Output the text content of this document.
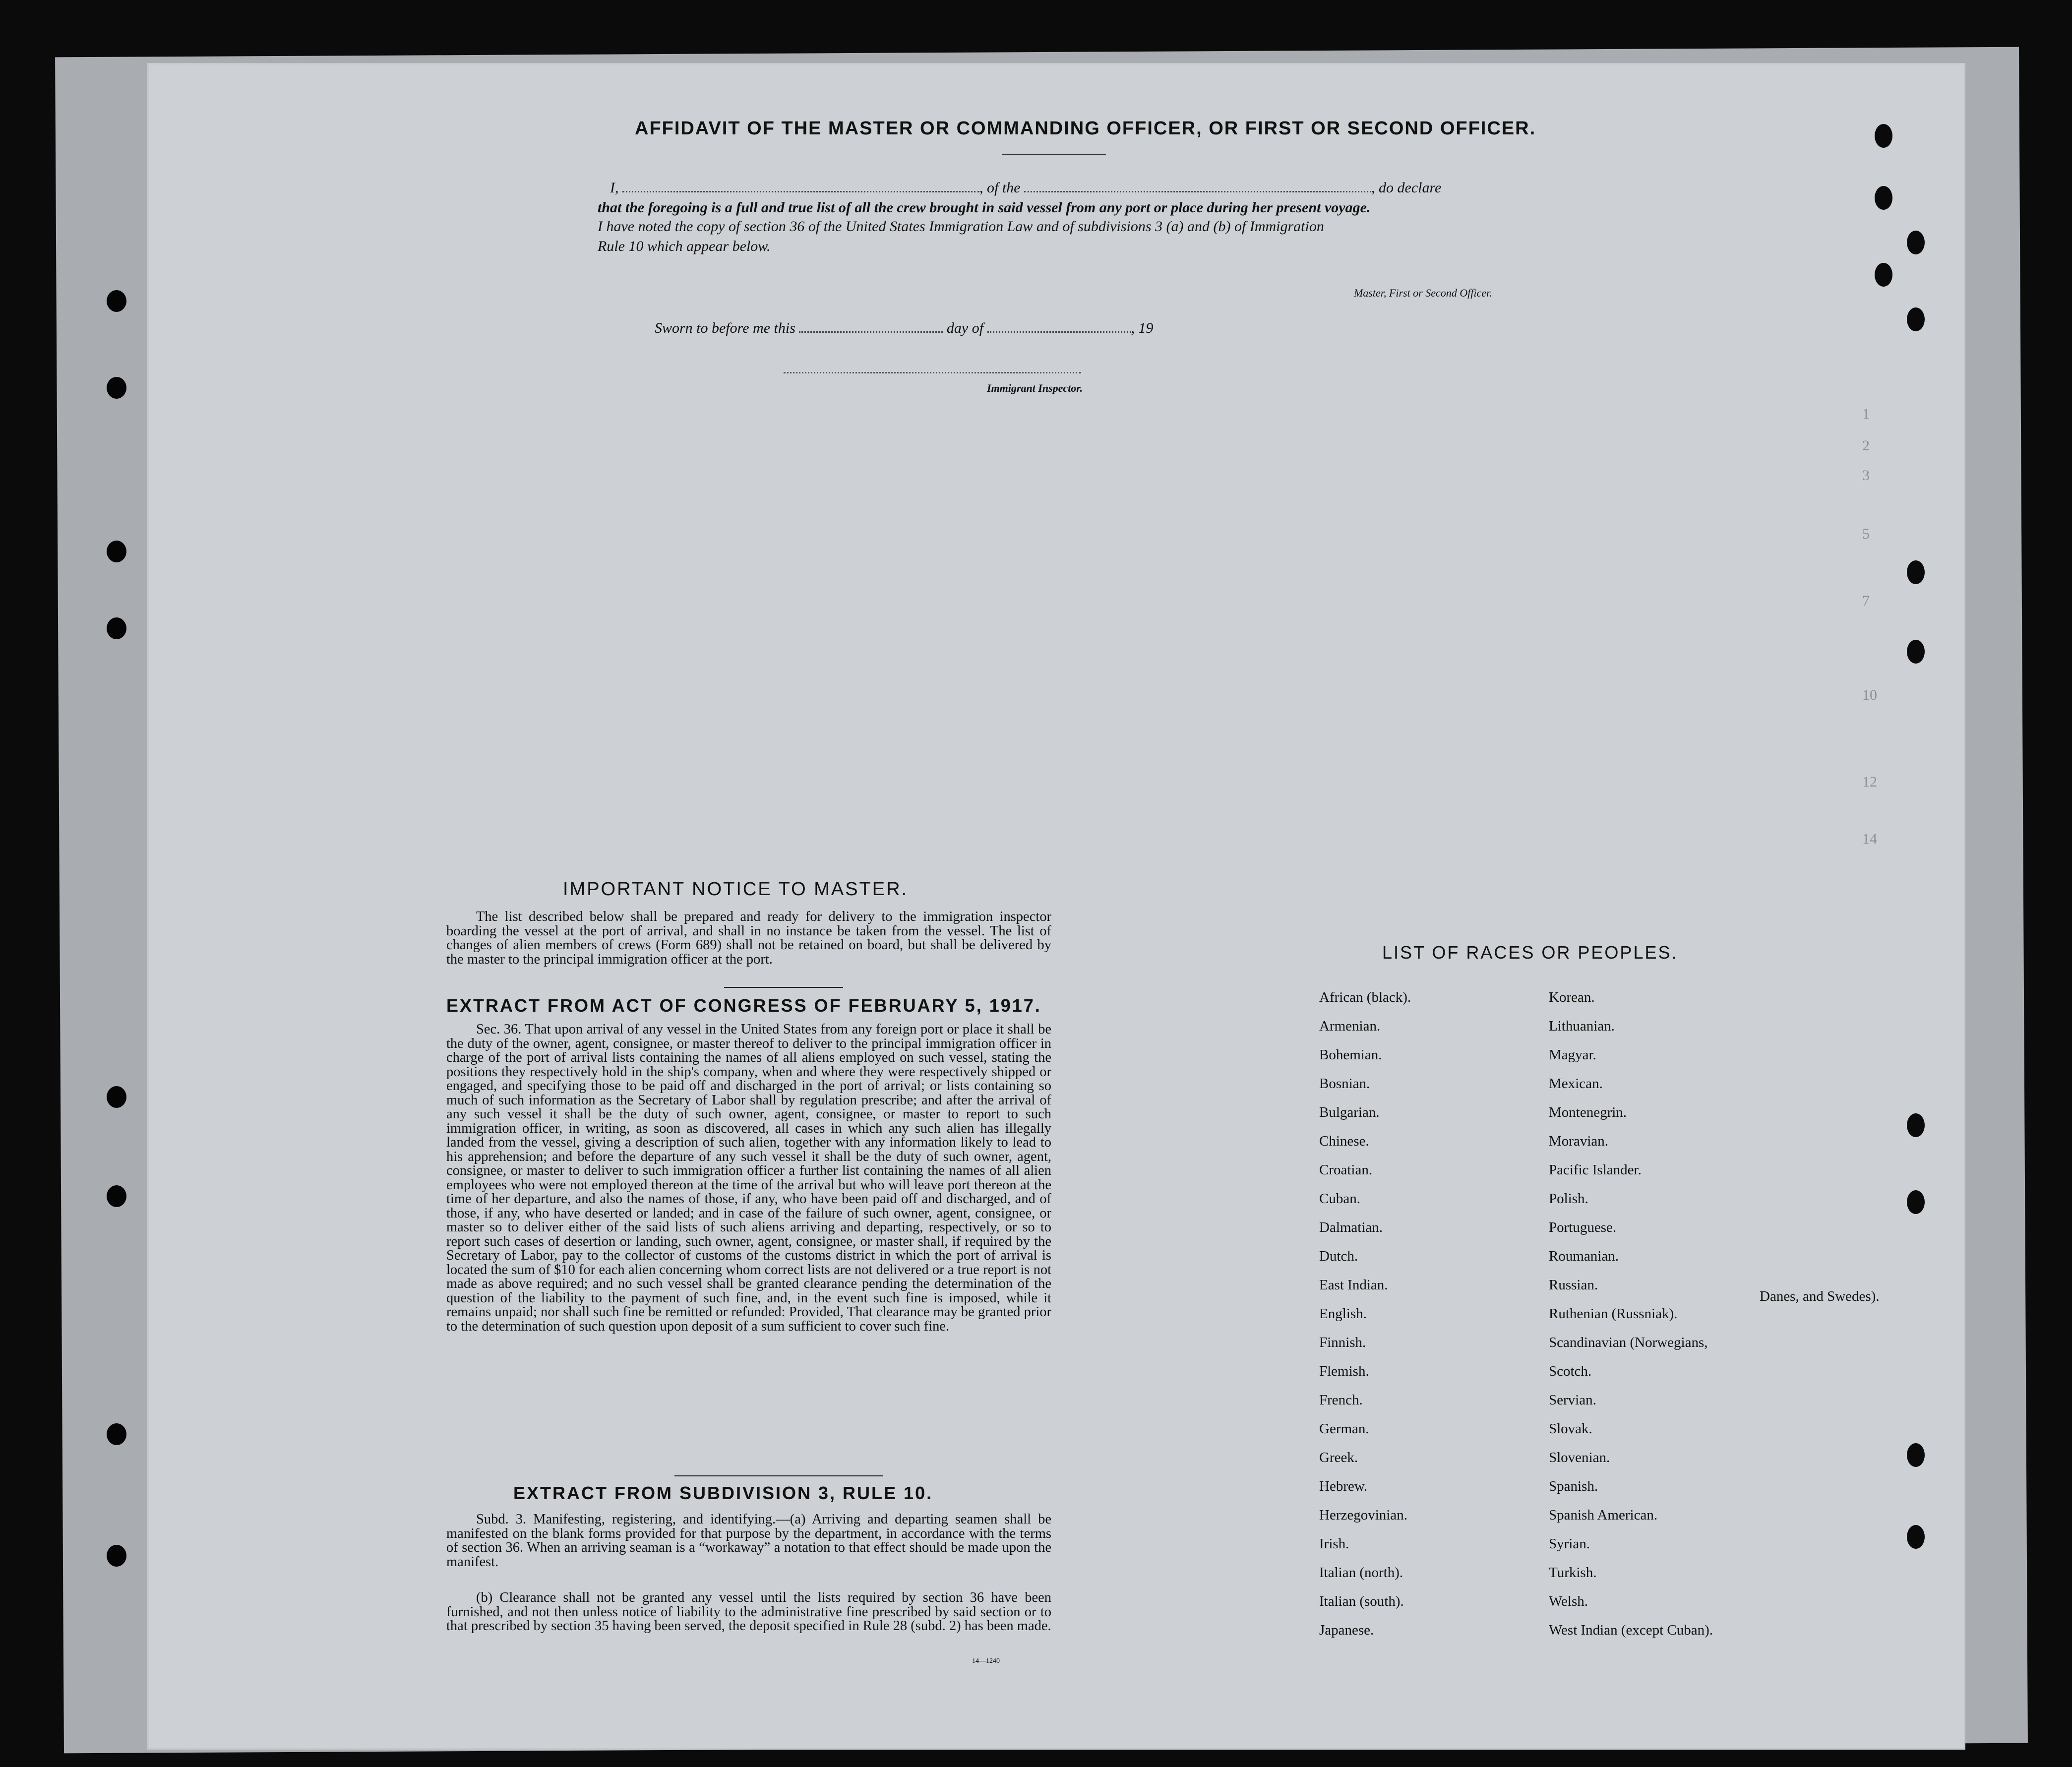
1
2
3
5
7
10
12
14
AFFIDAVIT OF THE MASTER OR COMMANDING OFFICER, OR FIRST OR SECOND OFFICER.
I,	, of the	, do declare
that the foregoing is a full and true list of all the crew brought in said vessel from any port or place during her present voyage.
I have noted the copy of section 36 of the United States Immigration Law and of subdivisions 3 (a) and (b) of Immigration
Rule 10 which appear below.
Master, First or Second Officer.
Sworn to before me this	day of	, 19
Immigrant Inspector.
IMPORTANT NOTICE TO MASTER.
The list described below shall be prepared and ready for delivery to the immigration inspector boarding the vessel at the port of arrival, and shall in no instance be taken from the vessel. The list of changes of alien members of crews (Form 689) shall not be retained on board, but shall be delivered by the master to the principal immigration officer at the port.
EXTRACT FROM ACT OF CONGRESS OF FEBRUARY 5, 1917.
Sec. 36. That upon arrival of any vessel in the United States from any foreign port or place it shall be the duty of the owner, agent, consignee, or master thereof to deliver to the principal immigration officer in charge of the port of arrival lists containing the names of all aliens employed on such vessel, stating the positions they respectively hold in the ship's company, when and where they were respectively shipped or engaged, and specifying those to be paid off and discharged in the port of arrival; or lists containing so much of such information as the Secretary of Labor shall by regulation prescribe; and after the arrival of any such vessel it shall be the duty of such owner, agent, consignee, or master to report to such immigration officer, in writing, as soon as discovered, all cases in which any such alien has illegally landed from the vessel, giving a description of such alien, together with any information likely to lead to his apprehension; and before the departure of any such vessel it shall be the duty of such owner, agent, consignee, or master to deliver to such immigration officer a further list containing the names of all alien employees who were not employed thereon at the time of the arrival but who will leave port thereon at the time of her departure, and also the names of those, if any, who have been paid off and discharged, and of those, if any, who have deserted or landed; and in case of the failure of such owner, agent, consignee, or master so to deliver either of the said lists of such aliens arriving and departing, respectively, or so to report such cases of desertion or landing, such owner, agent, consignee, or master shall, if required by the Secretary of Labor, pay to the collector of customs of the customs district in which the port of arrival is located the sum of $10 for each alien concerning whom correct lists are not delivered or a true report is not made as above required; and no such vessel shall be granted clearance pending the determination of the question of the liability to the payment of such fine, and, in the event such fine is imposed, while it remains unpaid; nor shall such fine be remitted or refunded: Provided, That clearance may be granted prior to the determination of such question upon deposit of a sum sufficient to cover such fine.
EXTRACT FROM SUBDIVISION 3, RULE 10.
Subd. 3. Manifesting, registering, and identifying.—(a) Arriving and departing seamen shall be manifested on the blank forms provided for that purpose by the department, in accordance with the terms of section 36. When an arriving seaman is a “workaway” a notation to that effect should be made upon the manifest.
(b) Clearance shall not be granted any vessel until the lists required by section 36 have been furnished, and not then unless notice of liability to the administrative fine prescribed by said section or to that prescribed by section 35 having been served, the deposit specified in Rule 28 (subd. 2) has been made.
14—1240
LIST OF RACES OR PEOPLES.
Danes, and Swedes).
African (black).
Armenian.
Bohemian.
Bosnian.
Bulgarian.
Chinese.
Croatian.
Cuban.
Dalmatian.
Dutch.
East Indian.
English.
Finnish.
Flemish.
French.
German.
Greek.
Hebrew.
Herzegovinian.
Irish.
Italian (north).
Italian (south).
Japanese.
Korean.
Lithuanian.
Magyar.
Mexican.
Montenegrin.
Moravian.
Pacific Islander.
Polish.
Portuguese.
Roumanian.
Russian.
Ruthenian (Russniak).
Scandinavian (Norwegians,
Scotch.
Servian.
Slovak.
Slovenian.
Spanish.
Spanish American.
Syrian.
Turkish.
Welsh.
West Indian (except Cuban).
